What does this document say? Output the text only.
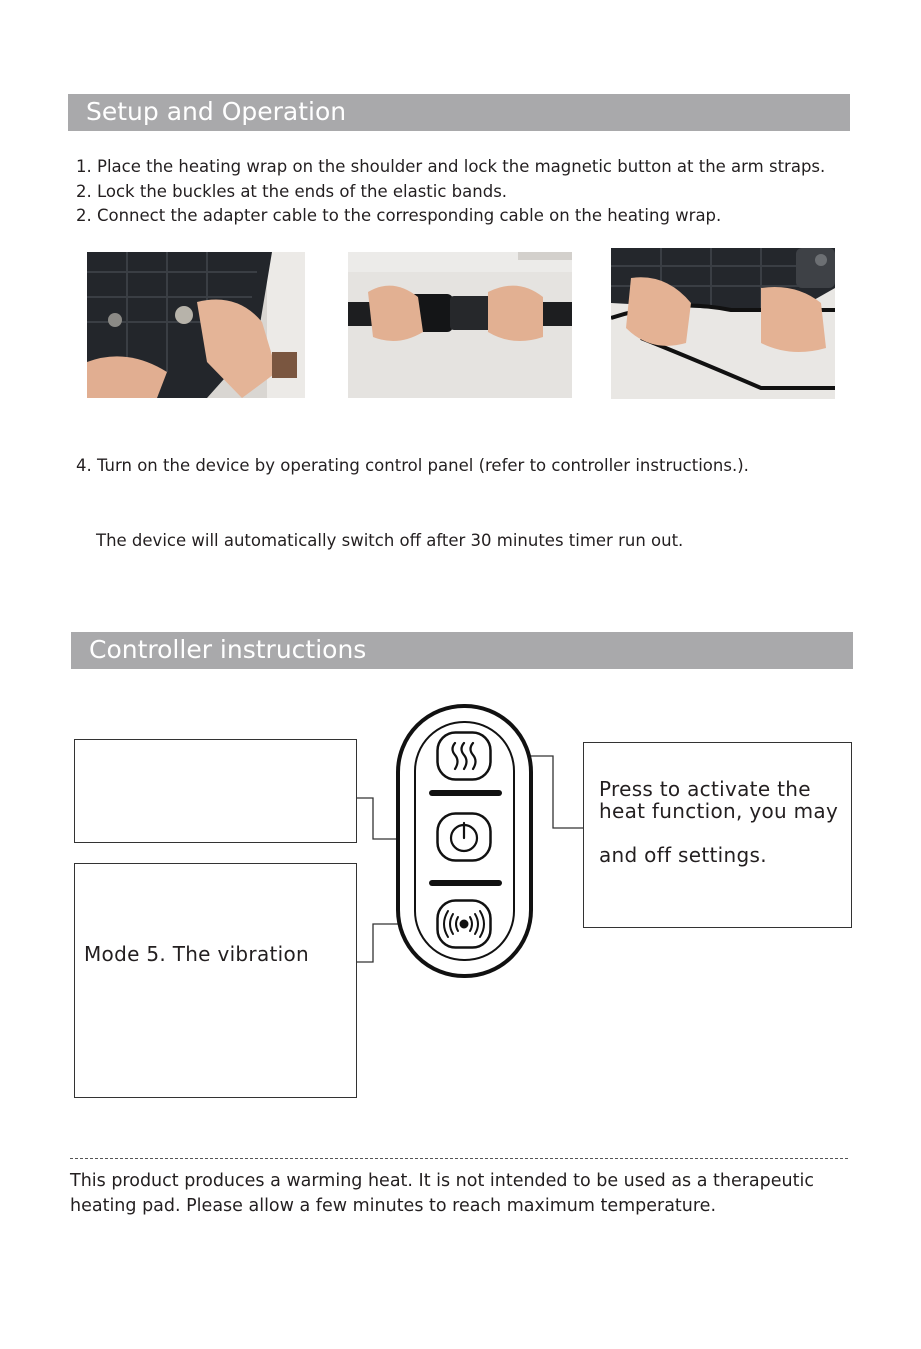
Setup and Operation
1. Place the heating wrap on the shoulder and lock the magnetic button at the arm straps.
2. Lock the buckles at the ends of the elastic bands.
2. Connect the adapter cable to the corresponding cable on the heating wrap.
4. Turn on the device by operating control panel (refer to controller instructions.).
The device will automatically switch off after 30 minutes timer run out.
Controller instructions
Mode 5. The vibration
Press to activate the
heat function, you may
and off settings.
This product produces a warming heat. It is not intended to be used as a therapeutic
heating pad. Please allow a few minutes to reach maximum temperature.
